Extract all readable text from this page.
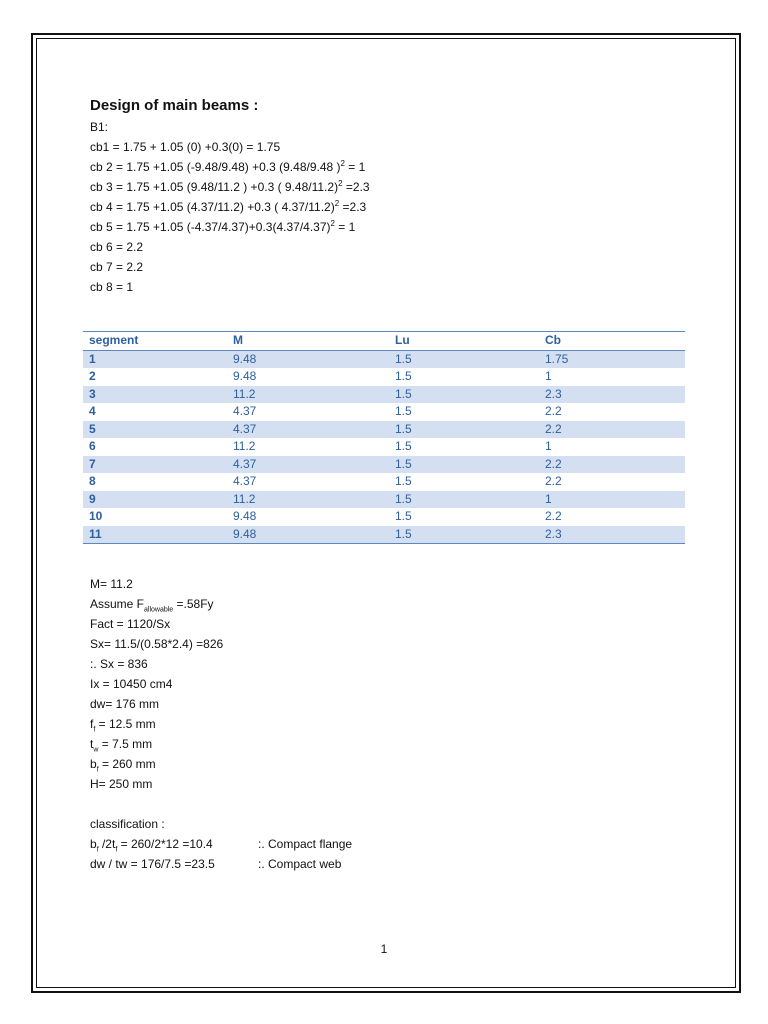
Design of main beams :
B1:
cb1 = 1.75 + 1.05 (0) +0.3(0) = 1.75
cb 2 = 1.75 +1.05 (-9.48/9.48) +0.3 (9.48/9.48 )$^2$ = 1
cb 3 = 1.75 +1.05 (9.48/11.2 ) +0.3 ( 9.48/11.2)$^2$ =2.3
cb 4 = 1.75 +1.05 (4.37/11.2) +0.3 ( 4.37/11.2)$^2$ =2.3
cb 5 = 1.75 +1.05 $(-4.37/4.37)+0.3(4.37/4.37)^2 = 1$
cb 6 = 2.2
cb 7 = 2.2
cb 8 = 1
segment	M	Lu	Cb
1	9.48	1.5	1.75
2	9.48	1.5	1
3	11.2	1.5	2.3
4	4.37	1.5	2.2
5	4.37	1.5	2.2
6	11.2	1.5	1
7	4.37	1.5	2.2
8	4.37	1.5	2.2
9	11.2	1.5	1
10	9.48	1.5	2.2
11	9.48	1.5	2.3
M= 11.2
Assume $F_{allowable} =.58Fy$
Fact = 1120/Sx
Sx= 11.5/(0.58*2.4) =826
:. Sx = 836
Ix = 10450 cm4
dw= 176 mm
$f_f = 12.5$ mm
$t_w = 7.5$ mm
$b_f = 260$ mm
H= 250 mm

classification :
$b_f$ $/2t_f = 260/2*12 =10.4$	:. Compact flange
dw / tw = 176/7.5 =23.5	:. Compact web
1
